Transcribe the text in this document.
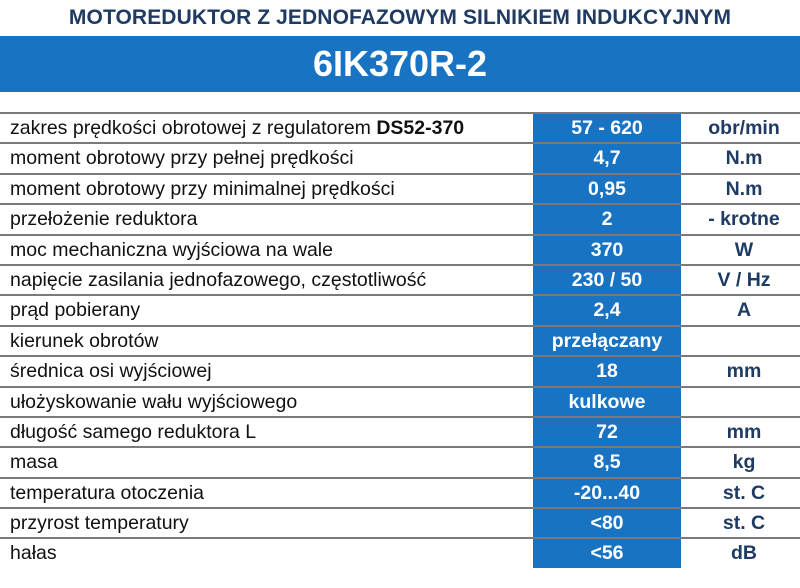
MOTOREDUKTOR Z JEDNOFAZOWYM SILNIKIEM INDUKCYJNYM
6IK370R-2
zakres prędkości obrotowej z regulatorem DS52-370	57 - 620	obr/min
moment obrotowy przy pełnej prędkości	4,7	N.m
moment obrotowy przy minimalnej prędkości	0,95	N.m
przełożenie reduktora	2	- krotne
moc mechaniczna wyjściowa na wale	370	W
napięcie zasilania jednofazowego, częstotliwość	230 / 50	V / Hz
prąd pobierany	2,4	A
kierunek obrotów	przełączany
średnica osi wyjściowej	18	mm
ułożyskowanie wału wyjściowego	kulkowe
długość samego reduktora L	72	mm
masa	8,5	kg
temperatura otoczenia	-20...40	st. C
przyrost temperatury	<80	st. C
hałas	<56	dB
